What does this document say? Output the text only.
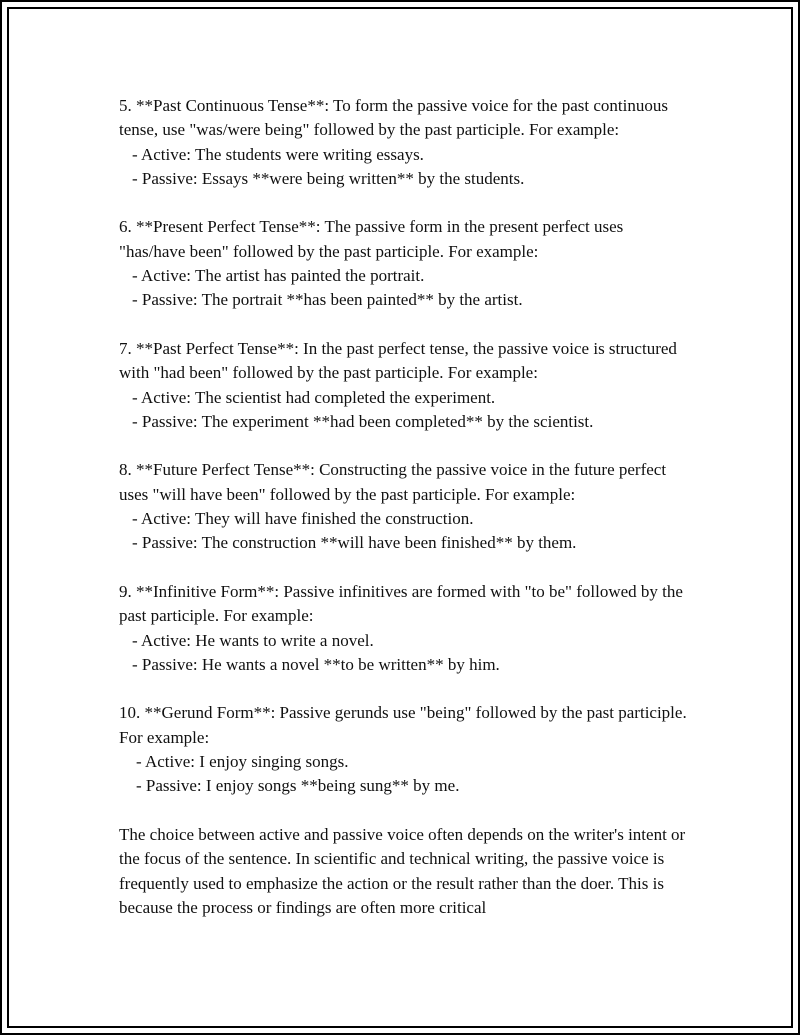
5. **Past Continuous Tense**: To form the passive voice for the past continuous tense, use "was/were being" followed by the past participle. For example:

- Active: The students were writing essays.

- Passive: Essays **were being written** by the students.

6. **Present Perfect Tense**: The passive form in the present perfect uses "has/have been" followed by the past participle. For example:

- Active: The artist has painted the portrait.

- Passive: The portrait **has been painted** by the artist.

7. **Past Perfect Tense**: In the past perfect tense, the passive voice is structured with "had been" followed by the past participle. For example:

- Active: The scientist had completed the experiment.

- Passive: The experiment **had been completed** by the scientist.

8. **Future Perfect Tense**: Constructing the passive voice in the future perfect uses "will have been" followed by the past participle. For example:

- Active: They will have finished the construction.

- Passive: The construction **will have been finished** by them.

9. **Infinitive Form**: Passive infinitives are formed with "to be" followed by the past participle. For example:

- Active: He wants to write a novel.

- Passive: He wants a novel **to be written** by him.

10. **Gerund Form**: Passive gerunds use "being" followed by the past participle. For example:

- Active: I enjoy singing songs.

- Passive: I enjoy songs **being sung** by me.

The choice between active and passive voice often depends on the writer's intent or the focus of the sentence. In scientific and technical writing, the passive voice is frequently used to emphasize the action or the result rather than the doer. This is because the process or findings are often more critical
